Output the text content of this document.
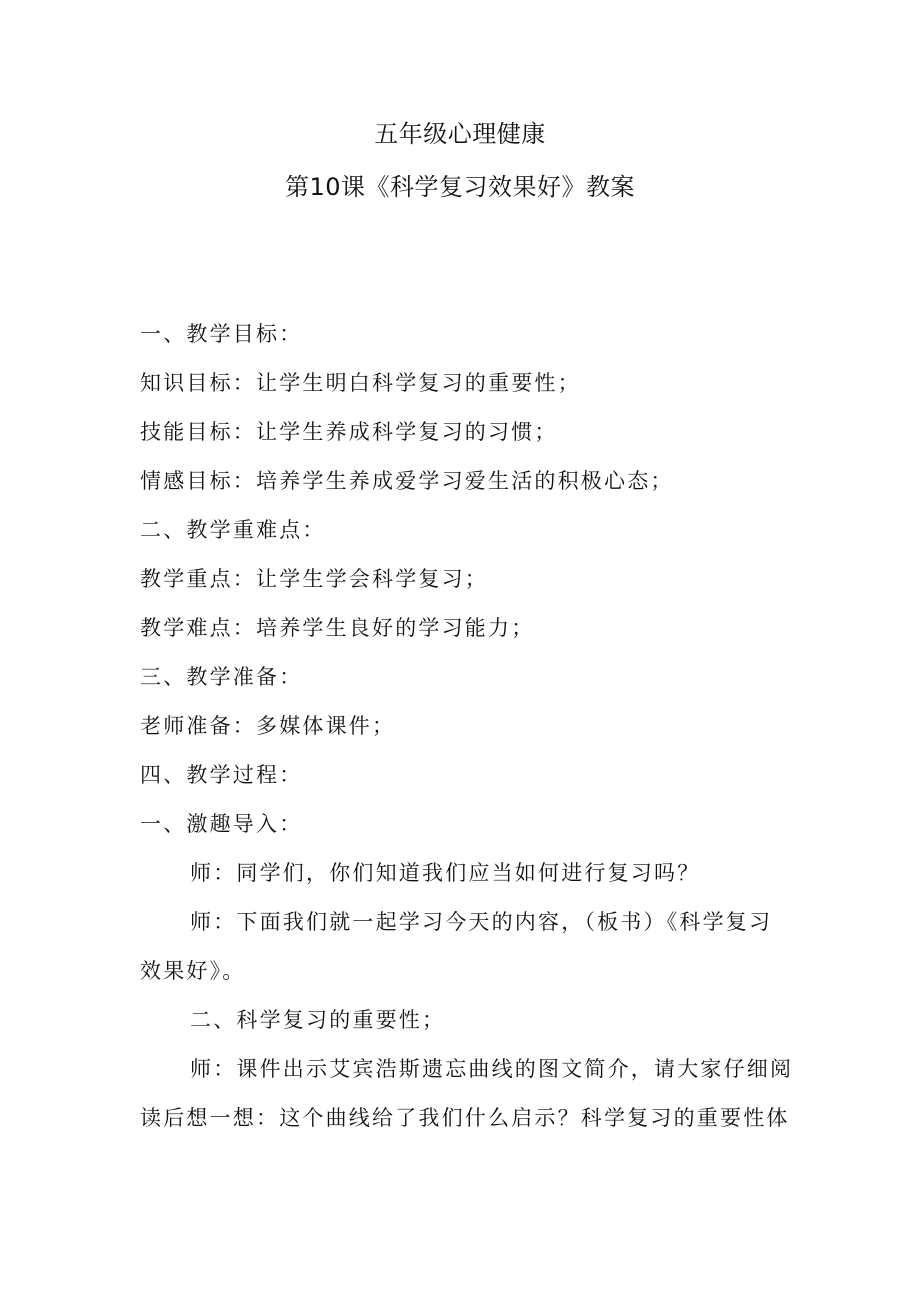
五年级心理健康
第10课《科学复习效果好》教案
一、教学目标：
知识目标：让学生明白科学复习的重要性；
技能目标：让学生养成科学复习的习惯；
情感目标：培养学生养成爱学习爱生活的积极心态；
二、教学重难点：
教学重点：让学生学会科学复习；
教学难点：培养学生良好的学习能力；
三、教学准备：
老师准备：多媒体课件；
四、教学过程：
一、激趣导入：
师：同学们，你们知道我们应当如何进行复习吗？
师：下面我们就一起学习今天的内容，（板书）《科学复习
效果好》。
二、科学复习的重要性；
师：课件出示艾宾浩斯遗忘曲线的图文简介，请大家仔细阅
读后想一想：这个曲线给了我们什么启示？科学复习的重要性体
